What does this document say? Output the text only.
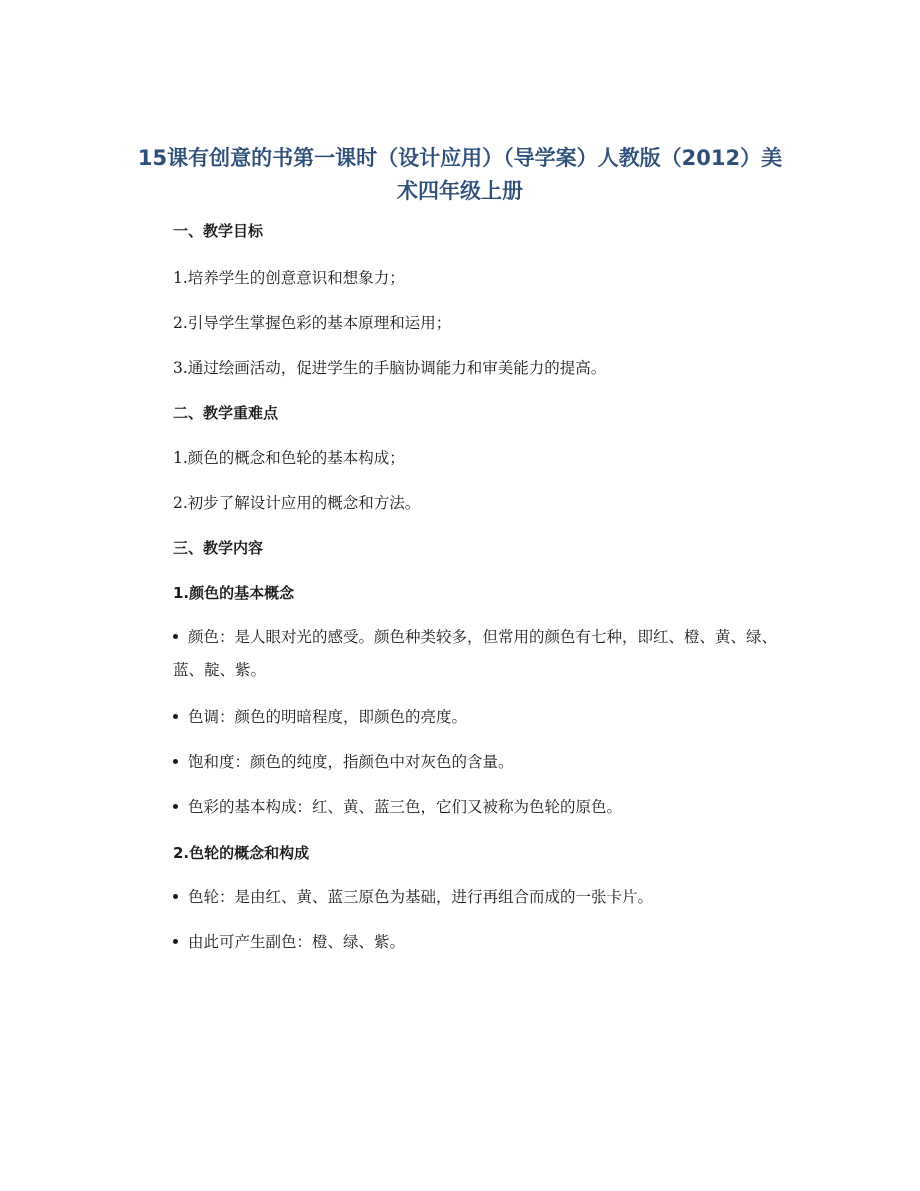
15课有创意的书第一课时（设计应用）（导学案）人教版（2012）美术四年级上册

一、教学目标

1.培养学生的创意意识和想象力；

2.引导学生掌握色彩的基本原理和运用；

3.通过绘画活动，促进学生的手脑协调能力和审美能力的提高。

二、教学重难点

1.颜色的概念和色轮的基本构成；

2.初步了解设计应用的概念和方法。

三、教学内容

1.颜色的基本概念

颜色：是人眼对光的感受。颜色种类较多，但常用的颜色有七种，即红、橙、黄、绿、蓝、靛、紫。

色调：颜色的明暗程度，即颜色的亮度。

饱和度：颜色的纯度，指颜色中对灰色的含量。

色彩的基本构成：红、黄、蓝三色，它们又被称为色轮的原色。

2.色轮的概念和构成

色轮：是由红、黄、蓝三原色为基础，进行再组合而成的一张卡片。

由此可产生副色：橙、绿、紫。
